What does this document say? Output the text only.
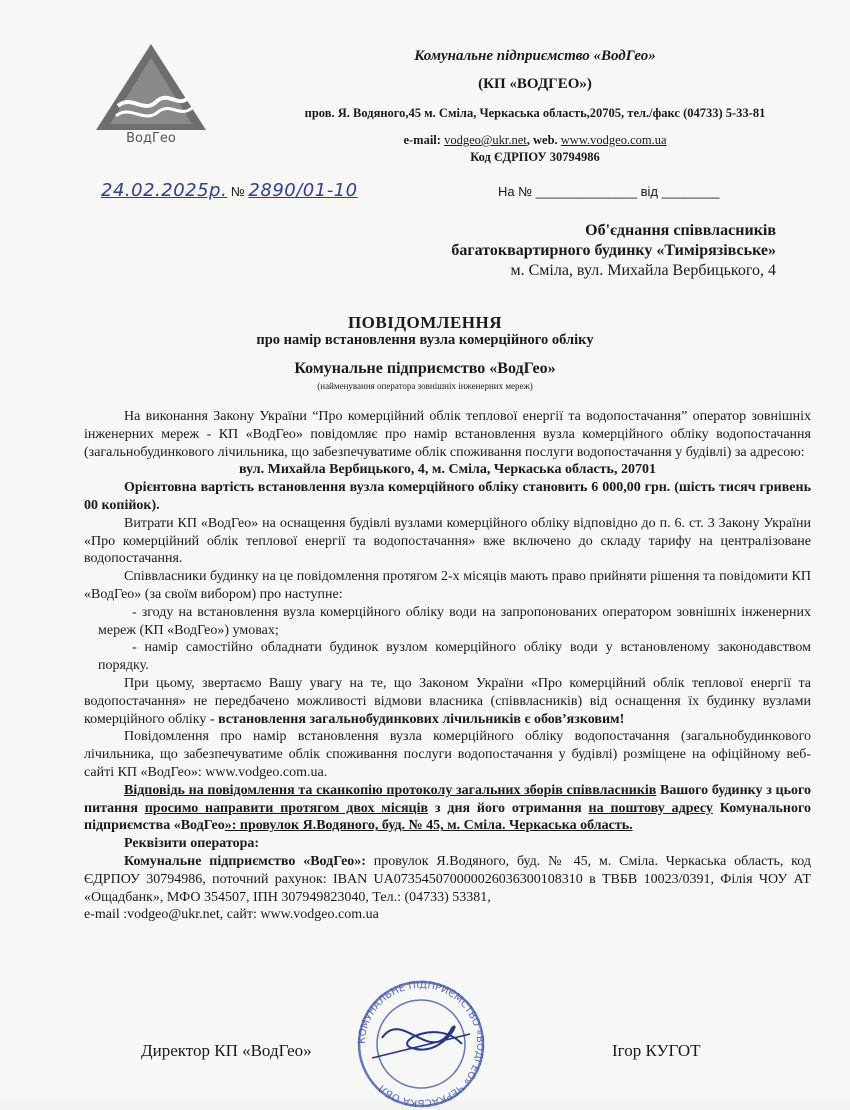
ВодГео
Комунальне підприємство «ВодГео»
(КП «ВОДГЕО»)
пров. Я. Водяного,45 м. Сміла, Черкаська область,20705, тел./факс (04733) 5-33-81
e-mail: vodgeo@ukr.net, web. www.vodgeo.com.ua
Код ЄДРПОУ 30794986
24.02.2025р. № 2890/01-10	На № ______________ від ________
Об'єднання співвласників
багатоквартирного будинку «Тимірязівське»
м. Сміла, вул. Михайла Вербицького, 4
ПОВІДОМЛЕННЯ
про намір встановлення вузла комерційного обліку
Комунальне підприємство «ВодГео»
(найменування оператора зовнішніх інженерних мереж)

На виконання Закону України “Про комерційний облік теплової енергії та водопостачання” оператор зовнішніх інженерних мереж - КП «ВодГео» повідомляє про намір встановлення вузла комерційного обліку водопостачання (загальнобудинкового лічильника, що забезпечуватиме облік споживання послуги водопостачання у будівлі) за адресою:

вул. Михайла Вербицького, 4, м. Сміла, Черкаська область, 20701

Орієнтовна вартість встановлення вузла комерційного обліку становить 6 000,00 грн. (шість тисяч гривень 00 копійок).

Витрати КП «ВодГео» на оснащення будівлі вузлами комерційного обліку відповідно до п. 6. ст. 3 Закону України «Про комерційний облік теплової енергії та водопостачання» вже включено до складу тарифу на централізоване водопостачання.

Співвласники будинку на це повідомлення протягом 2-х місяців мають право прийняти рішення та повідомити КП «ВодГео» (за своїм вибором) про наступне:

- згоду на встановлення вузла комерційного обліку води на запропонованих оператором зовнішніх інженерних мереж (КП «ВодГео») умовах;

- намір самостійно обладнати будинок вузлом комерційного обліку води у встановленому законодавством порядку.

При цьому, звертаємо Вашу увагу на те, що Законом України «Про комерційний облік теплової енергії та водопостачання» не передбачено можливості відмови власника (співвласників) від оснащення їх будинку вузлами комерційного обліку - встановлення загальнобудинкових лічильників є обов’язковим!

Повідомлення про намір встановлення вузла комерційного обліку водопостачання (загальнобудинкового лічильника, що забезпечуватиме облік споживання послуги водопостачання у будівлі) розміщене на офіційному веб-сайті КП «ВодГео»: www.vodgeo.com.ua.

Відповідь на повідомлення та сканкопію протоколу загальних зборів співвласників Вашого будинку з цього питання просимо направити протягом двох місяців з дня його отримання на поштову адресу Комунального підприємства «ВодГео»: провулок Я.Водяного, буд. № 45, м. Сміла. Черкаська область.

Реквізити оператора:

Комунальне підприємство «ВодГео»: провулок Я.Водяного, буд. № 45, м. Сміла. Черкаська область, код ЄДРПОУ 30794986, поточний рахунок: IBAN UA073545070000026036300108310 в ТВБВ 10023/0391, Філія ЧОУ АТ «Ощадбанк», МФО 354507, ІПН 307949823040, Тел.: (04733) 53381,

e-mail :vodgeo@ukr.net, сайт: www.vodgeo.com.ua

КОМУНАЛЬНЕ ПІДПРИЄМСТВО «ВОДГЕО» ЧЕРКАСЬКА ОБЛ
Директор КП «ВодГео»	Ігор КУГОТ
